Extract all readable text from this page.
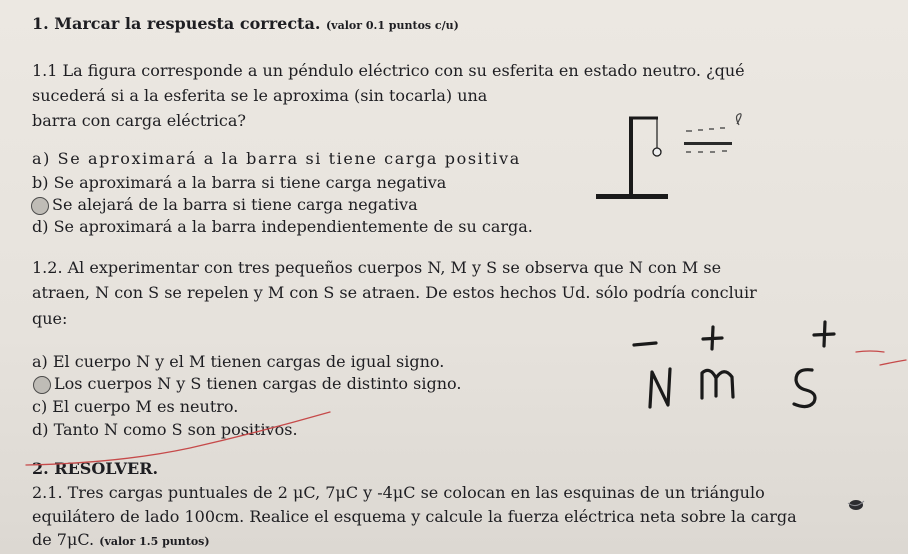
1. Marcar la respuesta correcta. (valor 0.1 puntos c/u)
1.1 La figura corresponde a un péndulo eléctrico con su esferita en estado neutro. ¿qué
sucederá si a la esferita se le aproxima (sin tocarla) una
barra con carga eléctrica?
a) Se aproximará a la barra si tiene carga positiva
b) Se aproximará a la barra si tiene carga negativa
Se alejará de la barra si tiene carga negativa
d) Se aproximará a la barra independientemente de su carga.
1.2. Al experimentar con tres pequeños cuerpos N, M y S se observa que N con M se
atraen, N con S se repelen y M con S se atraen. De estos hechos Ud. sólo podría concluir
que:
a) El cuerpo N y el M tienen cargas de igual signo.
Los cuerpos N y S tienen cargas de distinto signo.
c) El cuerpo M es neutro.
d) Tanto N como S son positivos.
2. RESOLVER.
2.1. Tres cargas puntuales de 2 μC, 7μC y -4μC se colocan en las esquinas de un triángulo
equilátero de lado 100cm. Realice el esquema y calcule la fuerza eléctrica neta sobre la carga
de 7μC. (valor 1.5 puntos)
